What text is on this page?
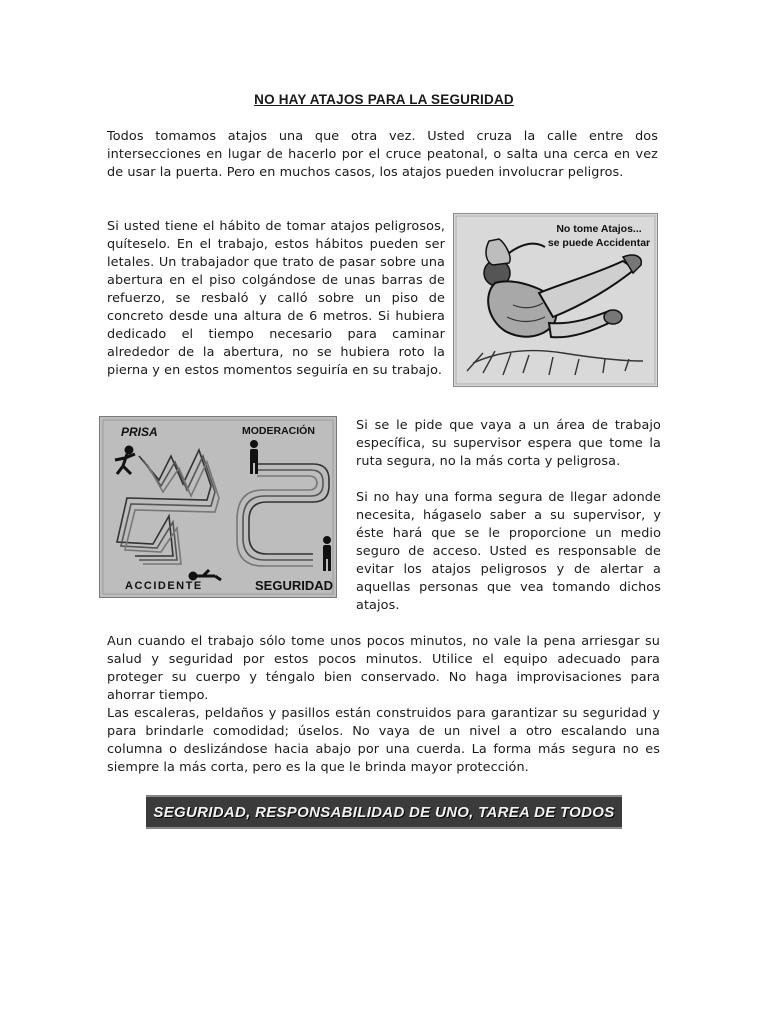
NO HAY ATAJOS PARA LA SEGURIDAD

Todos tomamos atajos una que otra vez. Usted cruza la calle entre dos intersecciones en lugar de hacerlo por el cruce peatonal, o salta una cerca en vez de usar la puerta. Pero en muchos casos, los atajos pueden involucrar peligros.

Si usted tiene el hábito de tomar atajos peligrosos, quíteselo. En el trabajo, estos hábitos pueden ser letales. Un trabajador que trato de pasar sobre una abertura en el piso colgándose de unas barras de refuerzo, se resbaló y calló sobre un piso de concreto desde una altura de 6 metros. Si hubiera dedicado el tiempo necesario para caminar alrededor de la abertura, no se hubiera roto la pierna y en estos momentos seguiría en su trabajo.

No tome Atajos...
se puede Accidentar
PRISA	MODERACIÓN
ACCIDENTE	SEGURIDAD

Si se le pide que vaya a un área de trabajo específica, su supervisor espera que tome la ruta segura, no la más corta y peligrosa.

Si no hay una forma segura de llegar adonde necesita, hágaselo saber a su supervisor, y éste hará que se le proporcione un medio seguro de acceso. Usted es responsable de evitar los atajos peligrosos y de alertar a aquellas personas que vea tomando dichos atajos.

Aun cuando el trabajo sólo tome unos pocos minutos, no vale la pena arriesgar su salud y seguridad por estos pocos minutos. Utilice el equipo adecuado para proteger su cuerpo y téngalo bien conservado. No haga improvisaciones para ahorrar tiempo.

Las escaleras, peldaños y pasillos están construidos para garantizar su seguridad y para brindarle comodidad; úselos. No vaya de un nivel a otro escalando una columna o deslizándose hacia abajo por una cuerda. La forma más segura no es siempre la más corta, pero es la que le brinda mayor protección.

SEGURIDAD, RESPONSABILIDAD DE UNO, TAREA DE TODOS
